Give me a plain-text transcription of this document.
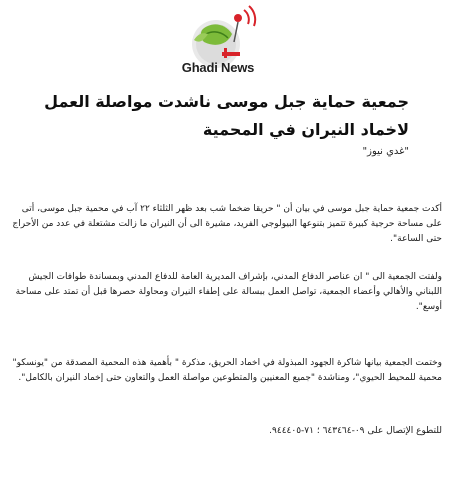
Ghadi News
جمعية حماية جبل موسى ناشدت مواصلة العمل لاخماد النيران في المحمية

"غدي نيوز"

أكدت جمعية حماية جبل موسى في بيان أن " حريقا ضخما شب بعد ظهر الثلثاء ٢٢ آب في محمية جبل موسى، أتى على مساحة حرجية كبيرة تتميز بتنوعها البيولوجي الفريد، مشيرة الى أن النيران ما زالت مشتعلة في عدد من الأحراج حتى الساعة".

ولفتت الجمعية الى " ان عناصر الدفاع المدني، بإشراف المديرية العامة للدفاع المدني وبمساندة طوافات الجيش اللبناني والأهالي وأعضاء الجمعية، تواصل العمل ببسالة على إطفاء النيران ومحاولة حصرها قبل أن تمتد على مساحة أوسع".

وختمت الجمعية بيانها شاكرة الجهود المبذولة في اخماد الحريق، مذكرة " بأهمية هذه المحمية المصدقة من "يونسكو" محمية للمحيط الحيوي"، ومناشدة "جميع المعنيين والمتطوعين مواصلة العمل والتعاون حتى إخماد النيران بالكامل".

للتطوع الإتصال على ٠٩-٦٤٣٤٦٤ ؛ ٧١-٩٤٤٤٠٥.
